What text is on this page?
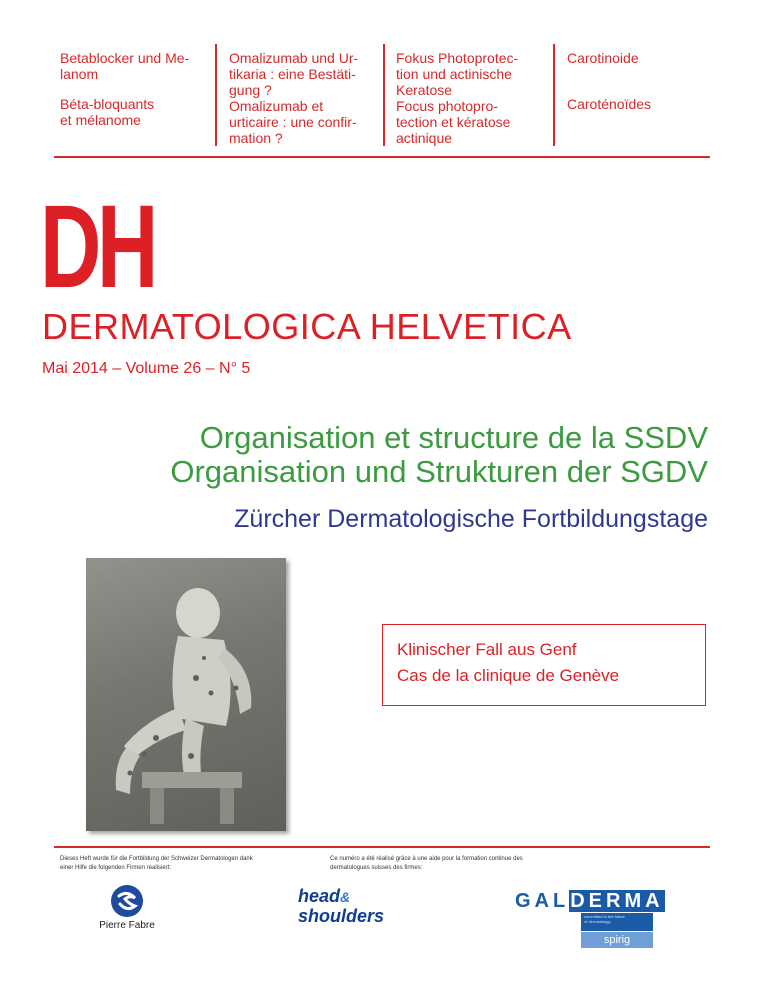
Betablocker und Me-
lanom

Béta-bloquants
et mélanome

Omalizumab und Ur-
tikaria : eine Bestäti-
gung ?

Omalizumab et
urticaire : une confir-
mation ?

Fokus Photoprotec-
tion und actinische
Keratose

Focus photopro-
tection et kératose
actinique

Carotinoide

Caroténoïdes

DH
DERMATOLOGICA HELVETICA
Mai 2014 – Volume 26 – N° 5
Organisation et structure de la SSDV
Organisation und Strukturen der SGDV
Zürcher Dermatologische Fortbildungstage

Klinischer Fall aus Genf

Cas de la clinique de Genève

Dieses Heft wurde für die Fortbildung der Schweizer Dermatologen dank
einer Hilfe die folgenden Firmen realisiert:
Ce numéro a été réalisé grâce à une aide pour la formation continue des
dermatologues suisses des firmes:
Pierre Fabre
head&
shoulders
GALDERMA
committed to the future
of dermatology
spirig
